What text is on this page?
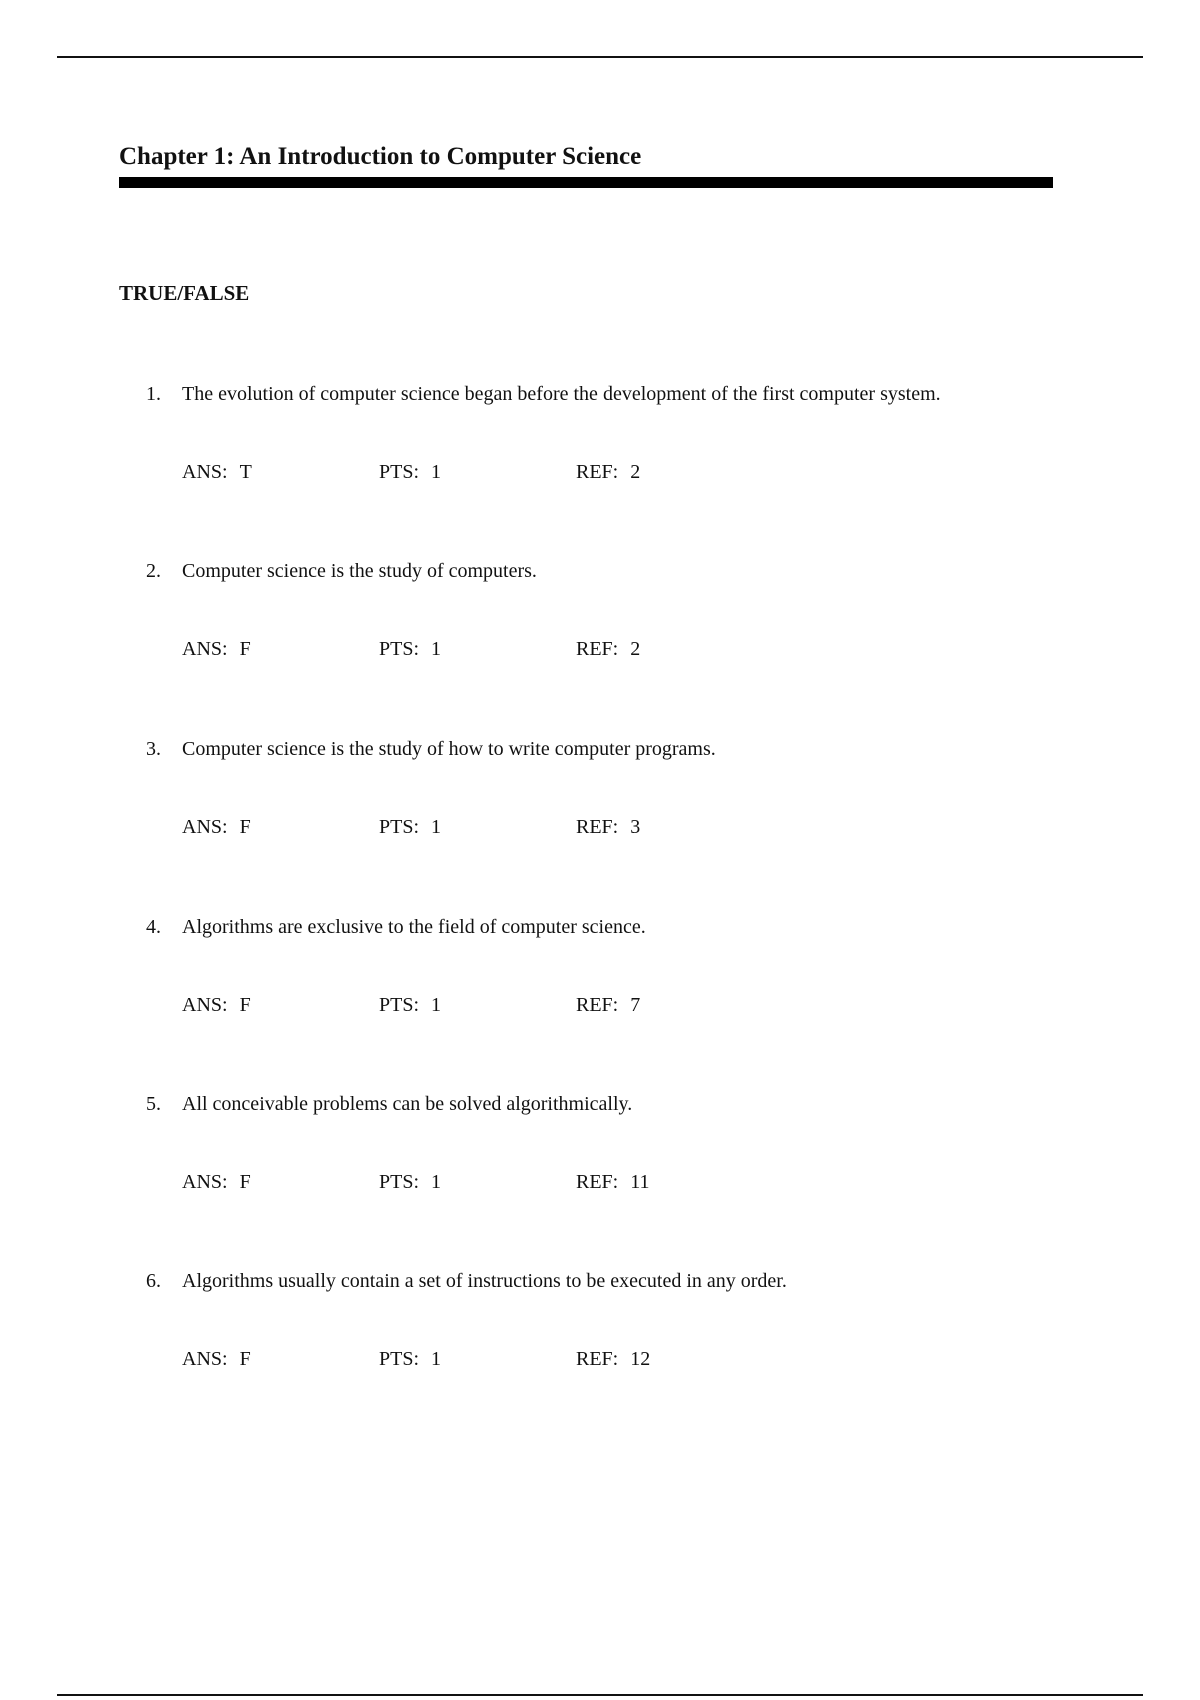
Chapter 1: An Introduction to Computer Science
TRUE/FALSE
1. The evolution of computer science began before the development of the first computer system.
ANS: T	PTS: 1	REF: 2
2. Computer science is the study of computers.
ANS: F	PTS: 1	REF: 2
3. Computer science is the study of how to write computer programs.
ANS: F	PTS: 1	REF: 3
4. Algorithms are exclusive to the field of computer science.
ANS: F	PTS: 1	REF: 7
5. All conceivable problems can be solved algorithmically.
ANS: F	PTS: 1	REF: 11
6. Algorithms usually contain a set of instructions to be executed in any order.
ANS: F	PTS: 1	REF: 12
